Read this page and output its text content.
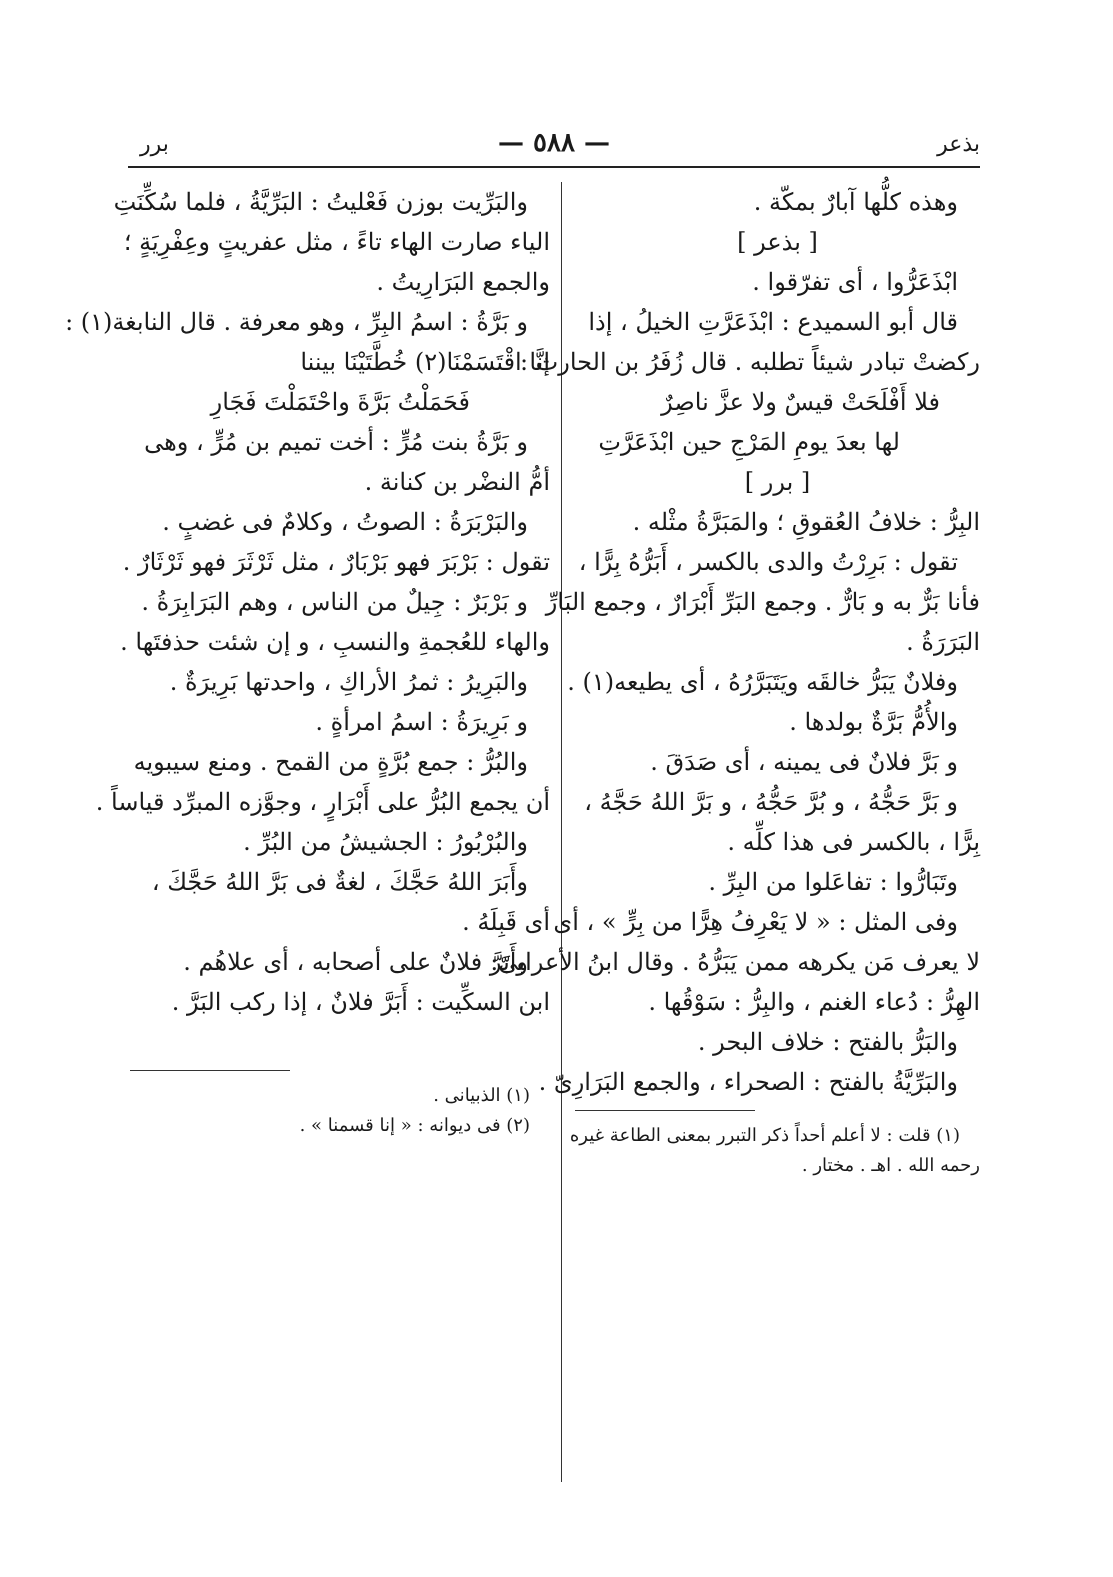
بذعر
— ٥٨٨ —
برر
وهذه كلُّها آبارٌ بمكّة .
[ بذعر ]
ابْذَعَرُّوا ، أى تفرّقوا .
قال أبو السميدع : ابْذَعَرَّتِ الخيلُ ، إذا
ركضتْ تبادر شيئاً تطلبه . قال زُفَرُ بن الحارث :
فلا أَفْلَحَتْ قيسٌ ولا عزَّ ناصِرٌ
لها بعدَ يومِ المَرْجِ حين ابْذَعَرَّتِ
[ برر ]
البِرُّ : خلافُ العُقوقِ ؛ والمَبَرَّةُ مثْله .
تقول : بَرِرْتُ والدى بالكسر ، أَبَرُّهُ بِرًّا ،
فأنا بَرٌّ به و بَارٌّ . وجمع البَرِّ أَبْرَارٌ ، وجمع البَارِّ
البَرَرَةُ .
وفلانٌ يَبَرُّ خالقَه ويَتَبَرَّرُهُ ، أى يطيعه(١) .
والأُمُّ بَرَّةٌ بولدها .
و بَرَّ فلانٌ فى يمينه ، أى صَدَقَ .
و بَرَّ حَجُّهُ ، و بُرَّ حَجُّهُ ، و بَرَّ اللهُ حَجَّهُ ،
بِرًّا ، بالكسر فى هذا كلِّه .
وتَبَارُّوا : تفاعَلوا من البِرِّ .
وفى المثل : « لا يَعْرِفُ هِرًّا من بِرٍّ » ، أى
لا يعرف مَن يكرهه ممن يَبَرُّهُ . وقال ابنُ الأعرابىّ:
الهِرُّ : دُعاء الغنم ، والبِرُّ : سَوْقُها .
والبَرُّ بالفتح : خلاف البحر .
والبَرِّيَّةُ بالفتح : الصحراء ، والجمع البَرَارِىّ .
(١) قلت : لا أعلم أحداً ذكر التبرر بمعنى الطاعة غيره
رحمه الله . اهـ . مختار .
والبَرِّيت بوزن فَعْليتُ : البَرِّيَّةُ ، فلما سُكِّنَتِ
الياء صارت الهاء تاءً ، مثل عفريتٍ وعِفْرِيَةٍ ؛
والجمع البَرَارِيتُ .
و بَرَّةُ : اسمُ البِرِّ ، وهو معرفة . قال النابغة(١) :
إنَّا اقْتَسَمْنَا(٢) خُطَّتَيْنَا بيننا
فَحَمَلْتُ بَرَّةَ واحْتَمَلْتَ فَجَارِ
و بَرَّةُ بنت مُرٍّ : أخت تميم بن مُرٍّ ، وهى
أمُّ النضْر بن كنانة .
والبَرْبَرَةُ : الصوتُ ، وكلامٌ فى غضبٍ .
تقول : بَرْبَرَ فهو بَرْبَارٌ ، مثل ثَرْثَرَ فهو ثَرْثَارٌ .
و بَرْبَرٌ : جِيلٌ من الناس ، وهم البَرَابِرَةُ .
والهاء للعُجمةِ والنسبِ ، و إن شئت حذفتَها .
والبَرِيرُ : ثمرُ الأراكِ ، واحدتها بَرِيرَةٌ .
و بَرِيرَةُ : اسمُ امرأةٍ .
والبُرُّ : جمع بُرَّةٍ من القمح . ومنع سيبويه
أن يجمع البُرُّ على أَبْرَارٍ ، وجوَّزه المبرِّد قياساً .
والبُرْبُورُ : الجشيشُ من البُرِّ .
وأَبَرَ اللهُ حَجَّكَ ، لغةٌ فى بَرَّ اللهُ حَجَّكَ ،
أى قَبِلَهُ .
وأَبَرَّ فلانٌ على أصحابه ، أى علاهُم .
ابن السكِّيت : أَبَرَّ فلانٌ ، إذا ركب البَرَّ .
(١) الذبيانى .
(٢) فى ديوانه : « إنا قسمنا » .
